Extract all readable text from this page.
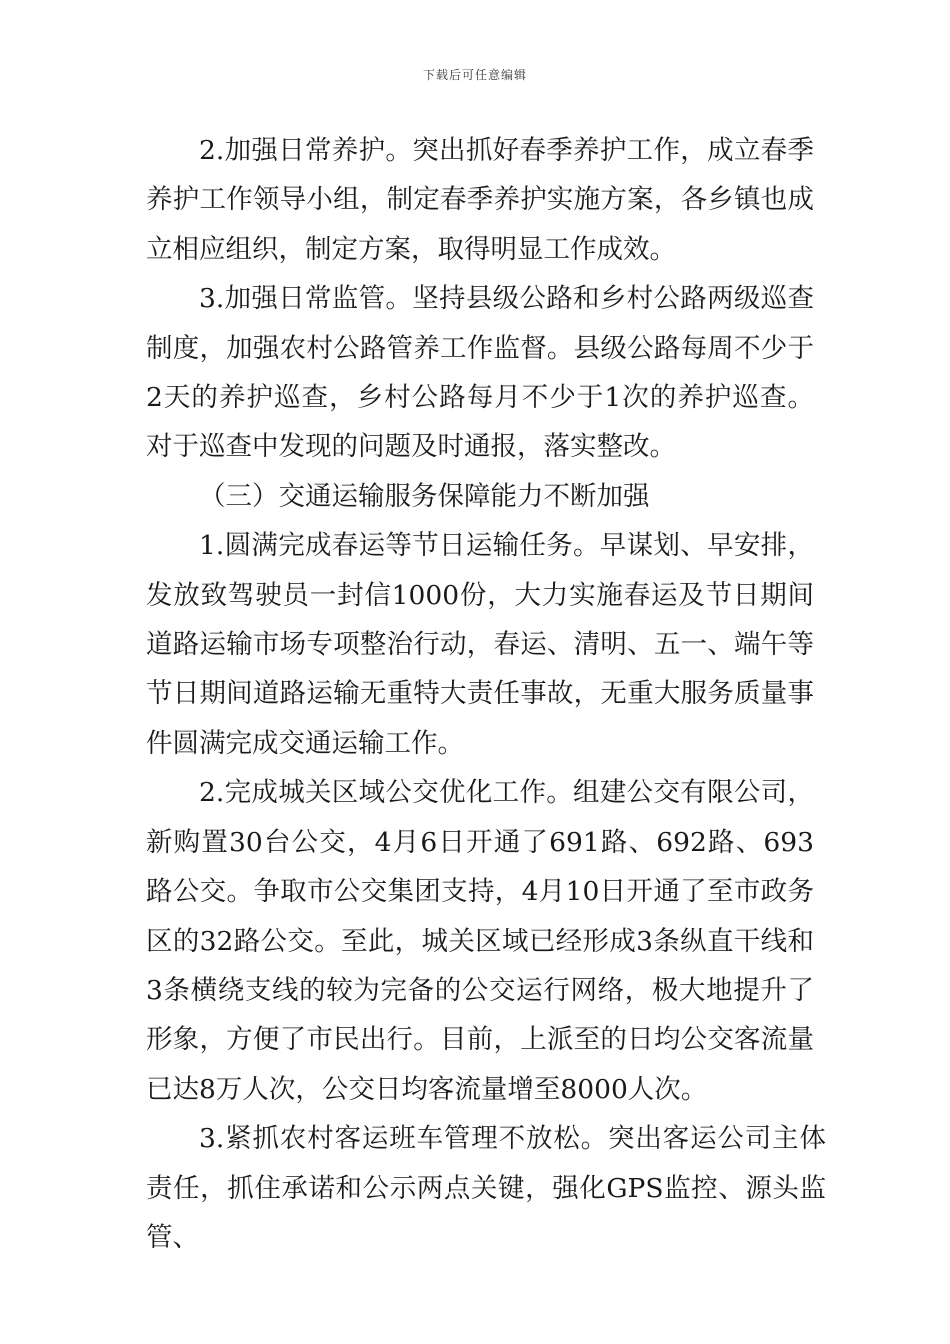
下载后可任意编辑

2.加强日常养护。突出抓好春季养护工作，成立春季养护工作领导小组，制定春季养护实施方案，各乡镇也成立相应组织，制定方案，取得明显工作成效。

3.加强日常监管。坚持县级公路和乡村公路两级巡查制度，加强农村公路管养工作监督。县级公路每周不少于2天的养护巡查，乡村公路每月不少于1次的养护巡查。对于巡查中发现的问题及时通报，落实整改。

（三）交通运输服务保障能力不断加强

1.圆满完成春运等节日运输任务。早谋划、早安排，发放致驾驶员一封信1000份，大力实施春运及节日期间道路运输市场专项整治行动，春运、清明、五一、端午等节日期间道路运输无重特大责任事故，无重大服务质量事件圆满完成交通运输工作。

2.完成城关区域公交优化工作。组建公交有限公司，新购置30台公交，4月6日开通了691路、692路、693路公交。争取市公交集团支持，4月10日开通了至市政务区的32路公交。至此，城关区域已经形成3条纵直干线和3条横绕支线的较为完备的公交运行网络，极大地提升了形象，方便了市民出行。目前，上派至的日均公交客流量已达8万人次，公交日均客流量增至8000人次。

3.紧抓农村客运班车管理不放松。突出客运公司主体责任，抓住承诺和公示两点关键，强化GPS监控、源头监管、
